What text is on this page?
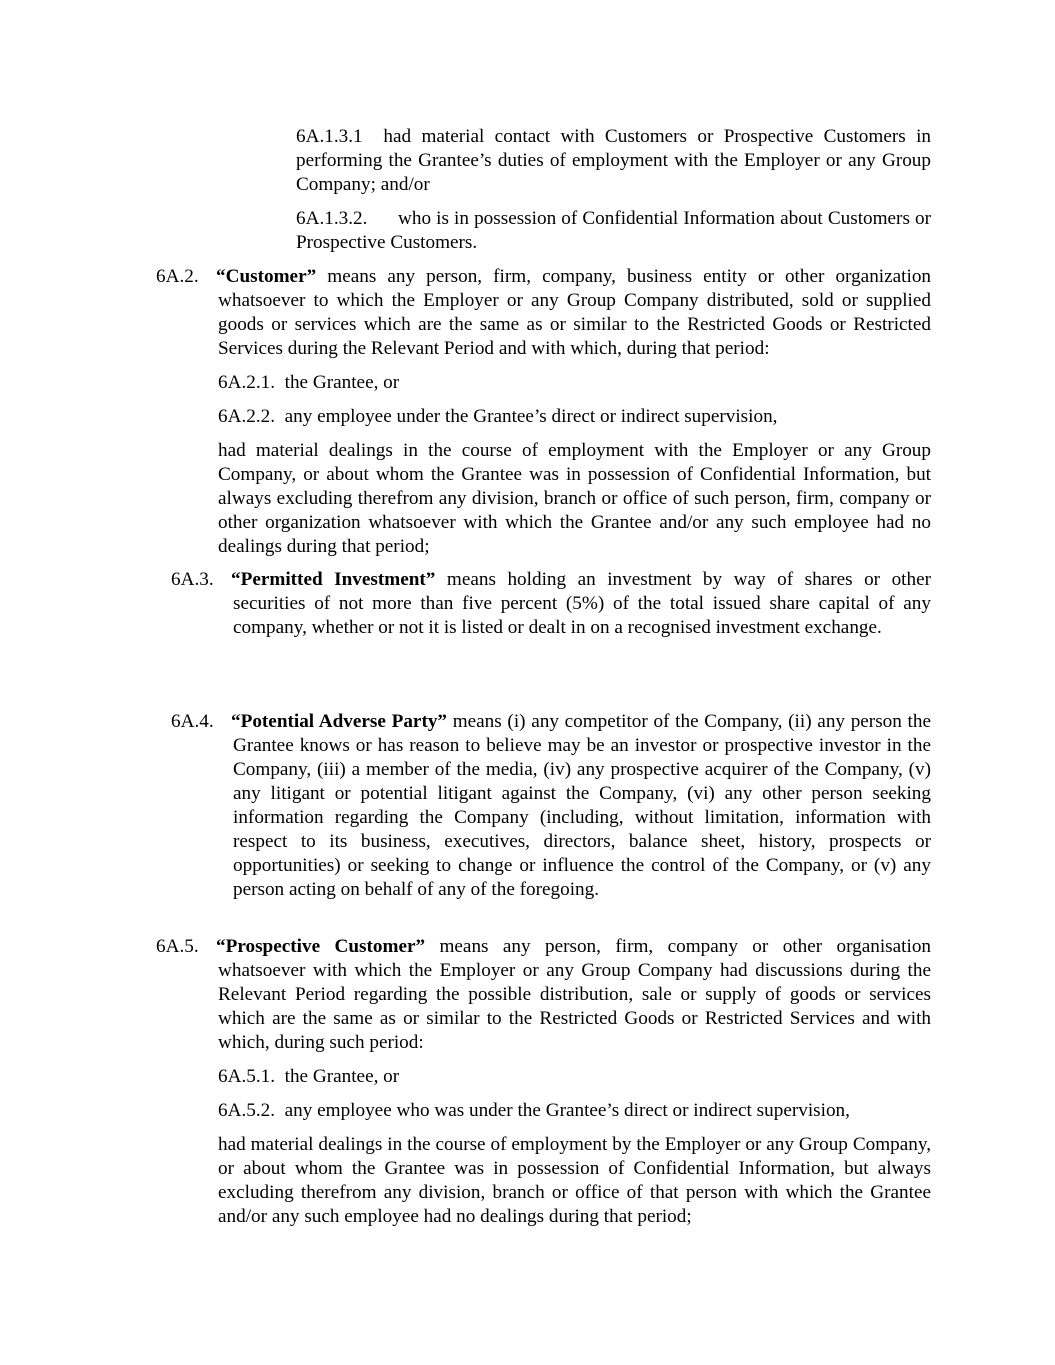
6A.1.3.1 had material contact with Customers or Prospective Customers in performing the Grantee’s duties of employment with the Employer or any Group Company; and/or

6A.1.3.2. who is in possession of Confidential Information about Customers or Prospective Customers.

6A.2. “Customer” means any person, firm, company, business entity or other organization whatsoever to which the Employer or any Group Company distributed, sold or supplied goods or services which are the same as or similar to the Restricted Goods or Restricted Services during the Relevant Period and with which, during that period:

6A.2.1. the Grantee, or

6A.2.2. any employee under the Grantee’s direct or indirect supervision,

had material dealings in the course of employment with the Employer or any Group Company, or about whom the Grantee was in possession of Confidential Information, but always excluding therefrom any division, branch or office of such person, firm, company or other organization whatsoever with which the Grantee and/or any such employee had no dealings during that period;

6A.3. “Permitted Investment” means holding an investment by way of shares or other securities of not more than five percent (5%) of the total issued share capital of any company, whether or not it is listed or dealt in on a recognised investment exchange.

6A.4. “Potential Adverse Party” means (i) any competitor of the Company, (ii) any person the Grantee knows or has reason to believe may be an investor or prospective investor in the Company, (iii) a member of the media, (iv) any prospective acquirer of the Company, (v) any litigant or potential litigant against the Company, (vi) any other person seeking information regarding the Company (including, without limitation, information with respect to its business, executives, directors, balance sheet, history, prospects or opportunities) or seeking to change or influence the control of the Company, or (v) any person acting on behalf of any of the foregoing.

6A.5. “Prospective Customer” means any person, firm, company or other organisation whatsoever with which the Employer or any Group Company had discussions during the Relevant Period regarding the possible distribution, sale or supply of goods or services which are the same as or similar to the Restricted Goods or Restricted Services and with which, during such period:

6A.5.1. the Grantee, or

6A.5.2. any employee who was under the Grantee’s direct or indirect supervision,

had material dealings in the course of employment by the Employer or any Group Company, or about whom the Grantee was in possession of Confidential Information, but always excluding therefrom any division, branch or office of that person with which the Grantee and/or any such employee had no dealings during that period;
